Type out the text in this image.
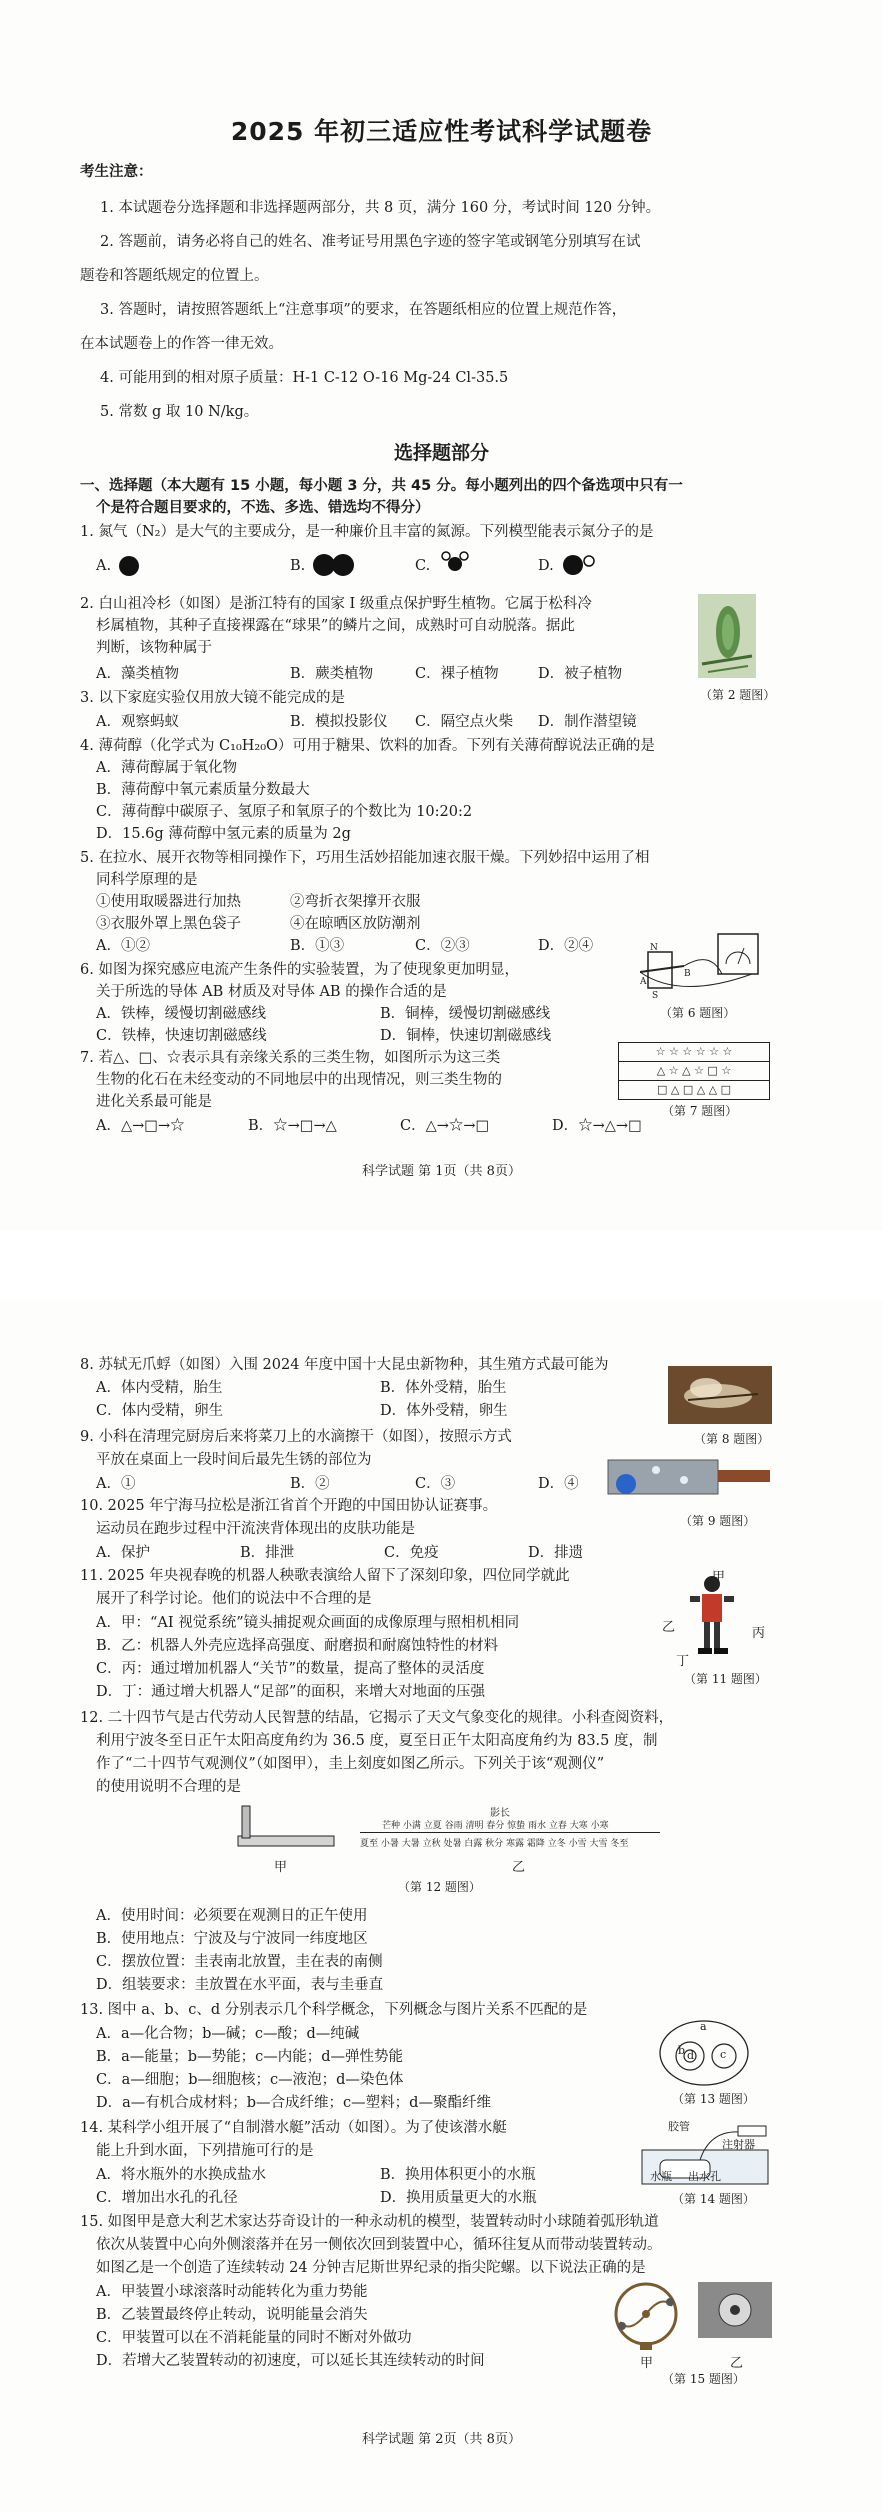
2025 年初三适应性考试科学试题卷
考生注意：
1. 本试题卷分选择题和非选择题两部分，共 8 页，满分 160 分，考试时间 120 分钟。
2. 答题前，请务必将自己的姓名、准考证号用黑色字迹的签字笔或钢笔分别填写在试
题卷和答题纸规定的位置上。
3. 答题时，请按照答题纸上“注意事项”的要求，在答题纸相应的位置上规范作答，
在本试题卷上的作答一律无效。
4. 可能用到的相对原子质量：H-1 C-12 O-16 Mg-24 Cl-35.5
5. 常数 g 取 10 N/kg。
选择题部分
一、选择题（本大题有 15 小题，每小题 3 分，共 45 分。每小题列出的四个备选项中只有一
个是符合题目要求的，不选、多选、错选均不得分）
1. 氮气（N₂）是大气的主要成分，是一种廉价且丰富的氮源。下列模型能表示氮分子的是
A.	B.	C.	D.
2. 白山祖冷杉（如图）是浙江特有的国家 I 级重点保护野生植物。它属于松科冷
杉属植物，其种子直接裸露在“球果”的鳞片之间，成熟时可自动脱落。据此
判断，该物种属于
A．藻类植物	B．蕨类植物	C．裸子植物	D．被子植物
（第 2 题图）
3. 以下家庭实验仅用放大镜不能完成的是
A．观察蚂蚁	B．模拟投影仪 C．隔空点火柴 D．制作潜望镜
4. 薄荷醇（化学式为 C₁₀H₂₀O）可用于糖果、饮料的加香。下列有关薄荷醇说法正确的是
A．薄荷醇属于氧化物
B．薄荷醇中氧元素质量分数最大
C．薄荷醇中碳原子、氢原子和氧原子的个数比为 10:20:2
D．15.6g 薄荷醇中氢元素的质量为 2g
5. 在拉水、展开衣物等相同操作下，巧用生活妙招能加速衣服干燥。下列妙招中运用了相
同科学原理的是
①使用取暖器进行加热	②弯折衣架撑开衣服
③衣服外罩上黑色袋子	④在晾晒区放防潮剂
A．①②	B．①③	C．②③	D．②④
6. 如图为探究感应电流产生条件的实验装置，为了使现象更加明显，
关于所选的导体 AB 材质及对导体 AB 的操作合适的是
A．铁棒，缓慢切割磁感线	B．铜棒，缓慢切割磁感线
C．铁棒，快速切割磁感线	D．铜棒，快速切割磁感线
N
S
A
B
（第 6 题图）
7. 若△、□、☆表示具有亲缘关系的三类生物，如图所示为这三类
生物的化石在未经变动的不同地层中的出现情况，则三类生物的
进化关系最可能是
A．△→□→☆	B．☆→□→△	C．△→☆→□	D．☆→△→□
☆ ☆ ☆ ☆ ☆ ☆
△ ☆ △ ☆ □ ☆
□ △ □ △ △ □
（第 7 题图）
科学试题 第 1页（共 8页）
8. 苏轼无爪蜉（如图）入围 2024 年度中国十大昆虫新物种，其生殖方式最可能为
A．体内受精，胎生	B．体外受精，胎生
C．体内受精，卵生	D．体外受精，卵生
（第 8 题图）
9. 小科在清理完厨房后来将菜刀上的水滴擦干（如图），按照示方式
平放在桌面上一段时间后最先生锈的部位为
A．①	B．②	C．③	D．④
（第 9 题图）
10. 2025 年宁海马拉松是浙江省首个开跑的中国田协认证赛事。
运动员在跑步过程中汗流浃背体现出的皮肤功能是
A．保护	B．排泄	C．免疫	D．排遗
11. 2025 年央视春晚的机器人秧歌表演给人留下了深刻印象，四位同学就此
展开了科学讨论。他们的说法中不合理的是
A．甲：“AI 视觉系统”镜头捕捉观众画面的成像原理与照相机相同
B．乙：机器人外壳应选择高强度、耐磨损和耐腐蚀特性的材料
C．丙：通过增加机器人“关节”的数量，提高了整体的灵活度
D．丁：通过增大机器人“足部”的面积，来增大对地面的压强
甲
乙	丙
丁
（第 11 题图）
12. 二十四节气是古代劳动人民智慧的结晶，它揭示了天文气象变化的规律。小科查阅资料，
利用宁波冬至日正午太阳高度角约为 36.5 度，夏至日正午太阳高度角约为 83.5 度，制
作了“二十四节气观测仪”（如图甲），圭上刻度如图乙所示。下列关于该“观测仪”
的使用说明不合理的是
甲
影长
芒种 小满 立夏 谷雨 清明 春分 惊蛰 雨水 立春 大寒 小寒
夏至 小暑 大暑 立秋 处暑 白露 秋分 寒露 霜降 立冬 小雪 大雪 冬至
乙
（第 12 题图）
A．使用时间：必须要在观测日的正午使用
B．使用地点：宁波及与宁波同一纬度地区
C．摆放位置：圭表南北放置，圭在表的南侧
D．组装要求：圭放置在水平面，表与圭垂直
13. 图中 a、b、c、d 分别表示几个科学概念，下列概念与图片关系不匹配的是
A．a—化合物；b—碱；c—酸；d—纯碱
B．a—能量；b—势能；c—内能；d—弹性势能
C．a—细胞；b—细胞核；c—液泡；d—染色体
D．a—有机合成材料；b—合成纤维；c—塑料；d—聚酯纤维
a
b	c
d
（第 13 题图）
14. 某科学小组开展了“自制潜水艇”活动（如图）。为了使该潜水艇
能上升到水面，下列措施可行的是
A．将水瓶外的水换成盐水	B．换用体积更小的水瓶
C．增加出水孔的孔径	D．换用质量更大的水瓶
胶管
注射器
水瓶 出水孔
（第 14 题图）
15. 如图甲是意大利艺术家达芬奇设计的一种永动机的模型，装置转动时小球随着弧形轨道
依次从装置中心向外侧滚落并在另一侧依次回到装置中心，循环往复从而带动装置转动。
如图乙是一个创造了连续转动 24 分钟吉尼斯世界纪录的指尖陀螺。以下说法正确的是
A．甲装置小球滚落时动能转化为重力势能
B．乙装置最终停止转动，说明能量会消失
C．甲装置可以在不消耗能量的同时不断对外做功
D．若增大乙装置转动的初速度，可以延长其连续转动的时间	甲	乙
（第 15 题图）
科学试题 第 2页（共 8页）
